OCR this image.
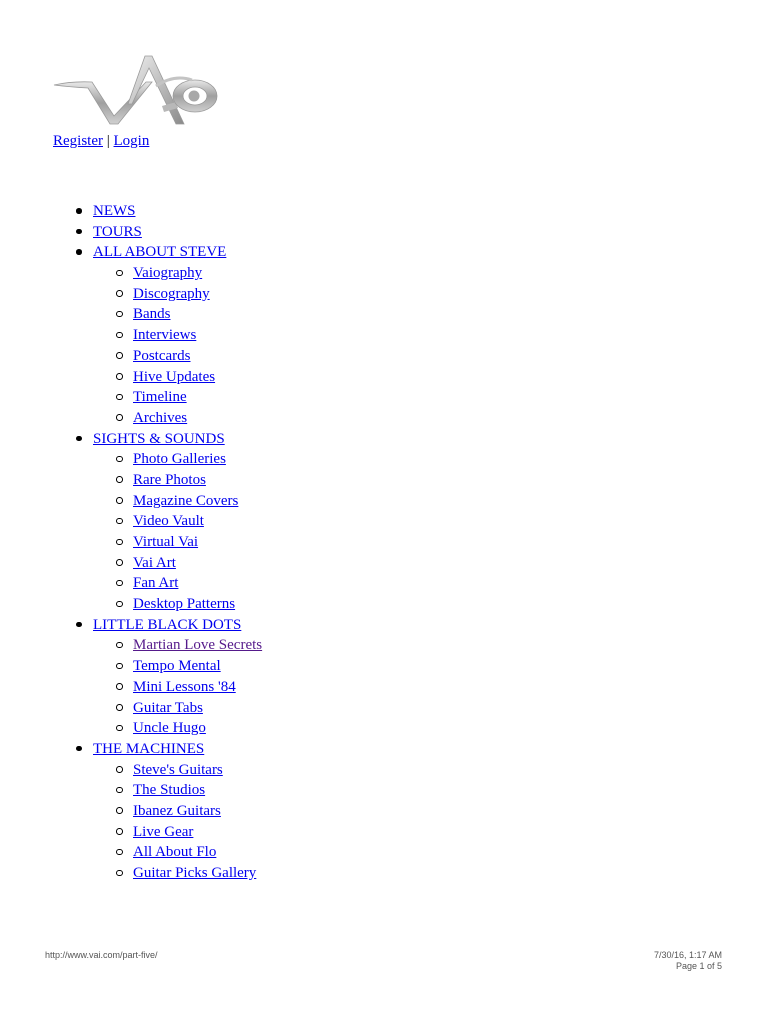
Register | Login
NEWS
TOURS
ALL ABOUT STEVE
Vaiography
Discography
Bands
Interviews
Postcards
Hive Updates
Timeline
Archives
SIGHTS & SOUNDS
Photo Galleries
Rare Photos
Magazine Covers
Video Vault
Virtual Vai
Vai Art
Fan Art
Desktop Patterns
LITTLE BLACK DOTS
Martian Love Secrets
Tempo Mental
Mini Lessons '84
Guitar Tabs
Uncle Hugo
THE MACHINES
Steve's Guitars
The Studios
Ibanez Guitars
Live Gear
All About Flo
Guitar Picks Gallery
http://www.vai.com/part-five/	7/30/16, 1:17 AM
Page 1 of 5
